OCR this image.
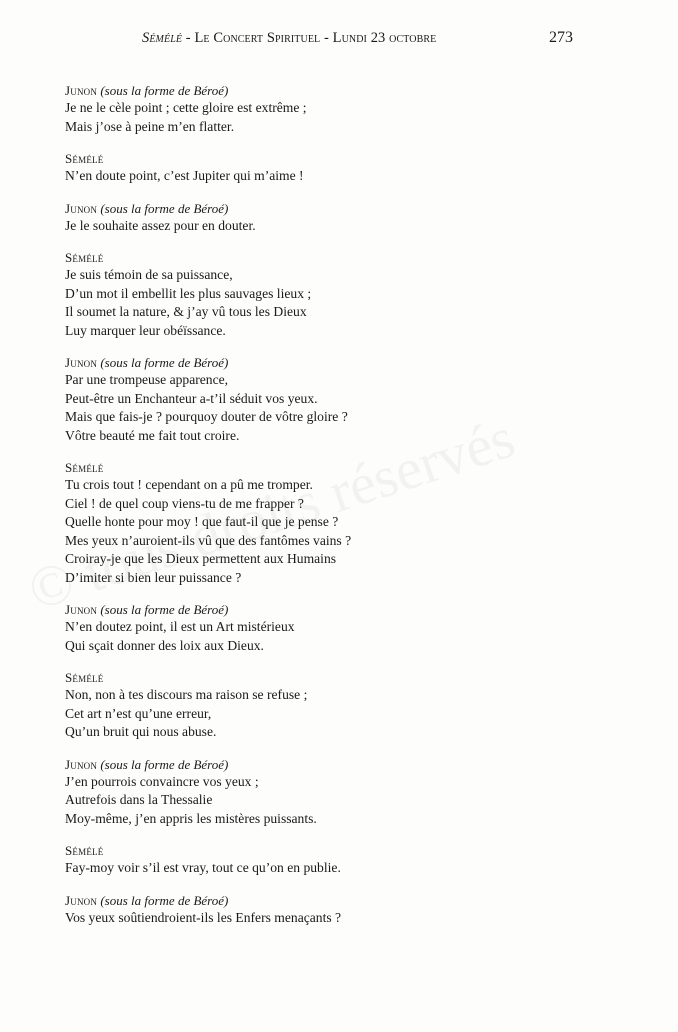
Sémélé - Le Concert Spirituel - Lundi 23 octobre	273
Junon (sous la forme de Béroé)
Je ne le cèle point ; cette gloire est extrême ;
Mais j’ose à peine m’en flatter.
Sémélé
N’en doute point, c’est Jupiter qui m’aime !
Junon (sous la forme de Béroé)
Je le souhaite assez pour en douter.
Sémélé
Je suis témoin de sa puissance,
D’un mot il embellit les plus sauvages lieux ;
Il soumet la nature, & j’ay vû tous les Dieux
Luy marquer leur obéïssance.
Junon (sous la forme de Béroé)
Par une trompeuse apparence,
Peut-être un Enchanteur a-t’il séduit vos yeux.
Mais que fais-je ? pourquoy douter de vôtre gloire ?
Vôtre beauté me fait tout croire.
Sémélé
Tu crois tout ! cependant on a pû me tromper.
Ciel ! de quel coup viens-tu de me frapper ?
Quelle honte pour moy ! que faut-il que je pense ?
Mes yeux n’auroient-ils vû que des fantômes vains ?
Croiray-je que les Dieux permettent aux Humains
D’imiter si bien leur puissance ?
Junon (sous la forme de Béroé)
N’en doutez point, il est un Art mistérieux
Qui sçait donner des loix aux Dieux.
Sémélé
Non, non à tes discours ma raison se refuse ;
Cet art n’est qu’une erreur,
Qu’un bruit qui nous abuse.
Junon (sous la forme de Béroé)
J’en pourrois convaincre vos yeux ;
Autrefois dans la Thessalie
Moy-même, j’en appris les mistères puissants.
Sémélé
Fay-moy voir s’il est vray, tout ce qu’on en publie.
Junon (sous la forme de Béroé)
Vos yeux soûtiendroient-ils les Enfers menaçants ?
